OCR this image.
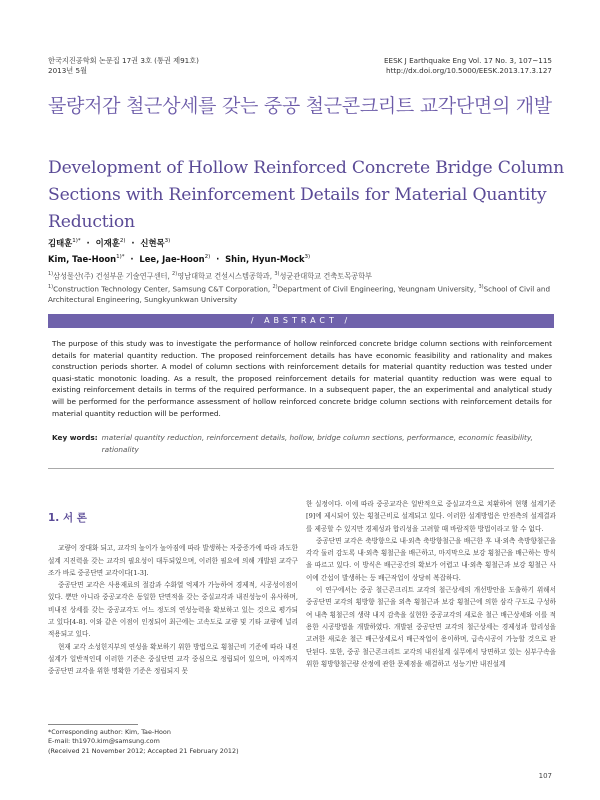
한국지진공학회 논문집 17권 3호 (통권 제91호)
2013년 5월
EESK J Earthquake Eng Vol. 17 No. 3, 107~115
http://dx.doi.org/10.5000/EESK.2013.17.3.127
물량저감 철근상세를 갖는 중공 철근콘크리트 교각단면의 개발
Development of Hollow Reinforced Concrete Bridge Column Sections with Reinforcement Details for Material Quantity Reduction
김태훈$^{1)*}$ · 이재훈$^{2)}$ · 신현목$^{3)}$
Kim, Tae-Hoon$^{1)*}$ · Lee, Jae-Hoon$^{2)}$ · Shin, Hyun-Mock$^{3)}$
$^{1)}$삼성물산(주) 건설부문 기술연구센터, $^{2)}$영남대학교 건설시스템공학과, $^{3)}$성균관대학교 건축토목공학부
$^{1)}$Construction Technology Center, Samsung C&T Corporation, $^{2)}$Department of Civil Engineering, Yeungnam University, $^{3)}$School of Civil and Architectural Engineering, Sungkyunkwan University
/ ABSTRACT /
The purpose of this study was to investigate the performance of hollow reinforced concrete bridge column sections with reinforcement details for material quantity reduction. The proposed reinforcement details has have economic feasibility and rationality and makes construction periods shorter. A model of column sections with reinforcement details for material quantity reduction was tested under quasi-static monotonic loading. As a result, the proposed reinforcement details for material quantity reduction was were equal to existing reinforcement details in terms of the required performance. In a subsequent paper, the an experimental and analytical study will be performed for the performance assessment of hollow reinforced concrete bridge column sections with reinforcement details for material quantity reduction will be performed.
Key words: material quantity reduction, reinforcement details, hollow, bridge column sections, performance, economic feasibility, rationality
1. 서 론

교량이 장대화 되고, 교각의 높이가 높아짐에 따라 발생하는 자중증가에 따라 과도한 설계 지진력을 갖는 교각의 필요성이 대두되었으며, 이러한 필요에 의해 개발된 교각구조가 바로 중공단면 교각이다[1-3].

중공단면 교각은 사용재료의 절감과 수화열 억제가 가능하여 경제적, 시공성이점이 있다. 뿐만 아니라 중공교각은 동일한 단면적을 갖는 중실교각과 내진성능이 유사하며, 비내진 상세를 갖는 중공교각도 어느 정도의 연성능력을 확보하고 있는 것으로 평가되고 있다[4-8]. 이와 같은 이점이 인정되어 최근에는 고속도로 교량 및 기타 교량에 널리 적용되고 있다.

현재 교각 소성힌지부의 연성을 확보하기 위한 방법으로 횡철근비 기준에 따라 내진설계가 일반적인데 이러한 기준은 중실단면 교각 중심으로 정립되어 있으며, 아직까지 중공단면 교각을 위한 명확한 기준은 정립되지 못

한 실정이다. 이에 따라 중공교각은 일반적으로 중실교각으로 치환하여 현행 설계기준[9]에 제시되어 있는 횡철근비로 설계되고 있다. 이러한 설계방법은 안전측의 설계결과를 제공할 수 있지만 경제성과 합리성을 고려할 때 바람직한 방법이라고 할 수 없다.

중공단면 교각은 축방향으로 내·외측 축방향철근을 배근한 후 내·외측 축방향철근을 각각 둘러 감도록 내·외측 횡철근을 배근하고, 마지막으로 보강 횡철근을 배근하는 방식을 따르고 있다. 이 방식은 배근공간의 확보가 어렵고 내·외측 횡철근과 보강 횡철근 사이에 간섭이 발생하는 등 배근작업이 상당히 복잡하다.

이 연구에서는 중공 철근콘크리트 교각의 철근상세의 개선방안을 도출하기 위해서 중공단면 교각의 횡방향 철근을 외측 횡철근과 보강 횡철근에 의한 삼각 구도로 구성하여 내측 횡철근의 생략 내지 감축을 실현한 중공교각의 새로운 철근 배근상세와 이를 적용한 시공방법을 개발하였다. 개발된 중공단면 교각의 철근상세는 경제성과 합리성을 고려한 새로운 철근 배근상세로서 배근작업이 용이하며, 급속시공이 가능할 것으로 판단된다. 또한, 중공 철근콘크리트 교각의 내진설계 실무에서 당면하고 있는 심부구속을 위한 횡방향철근량 산정에 관한 문제점을 해결하고 성능기반 내진설계

*Corresponding author: Kim, Tae-Hoon
E-mail: th1970.kim@samsung.com
(Received 21 November 2012; Accepted 21 February 2012)
107
